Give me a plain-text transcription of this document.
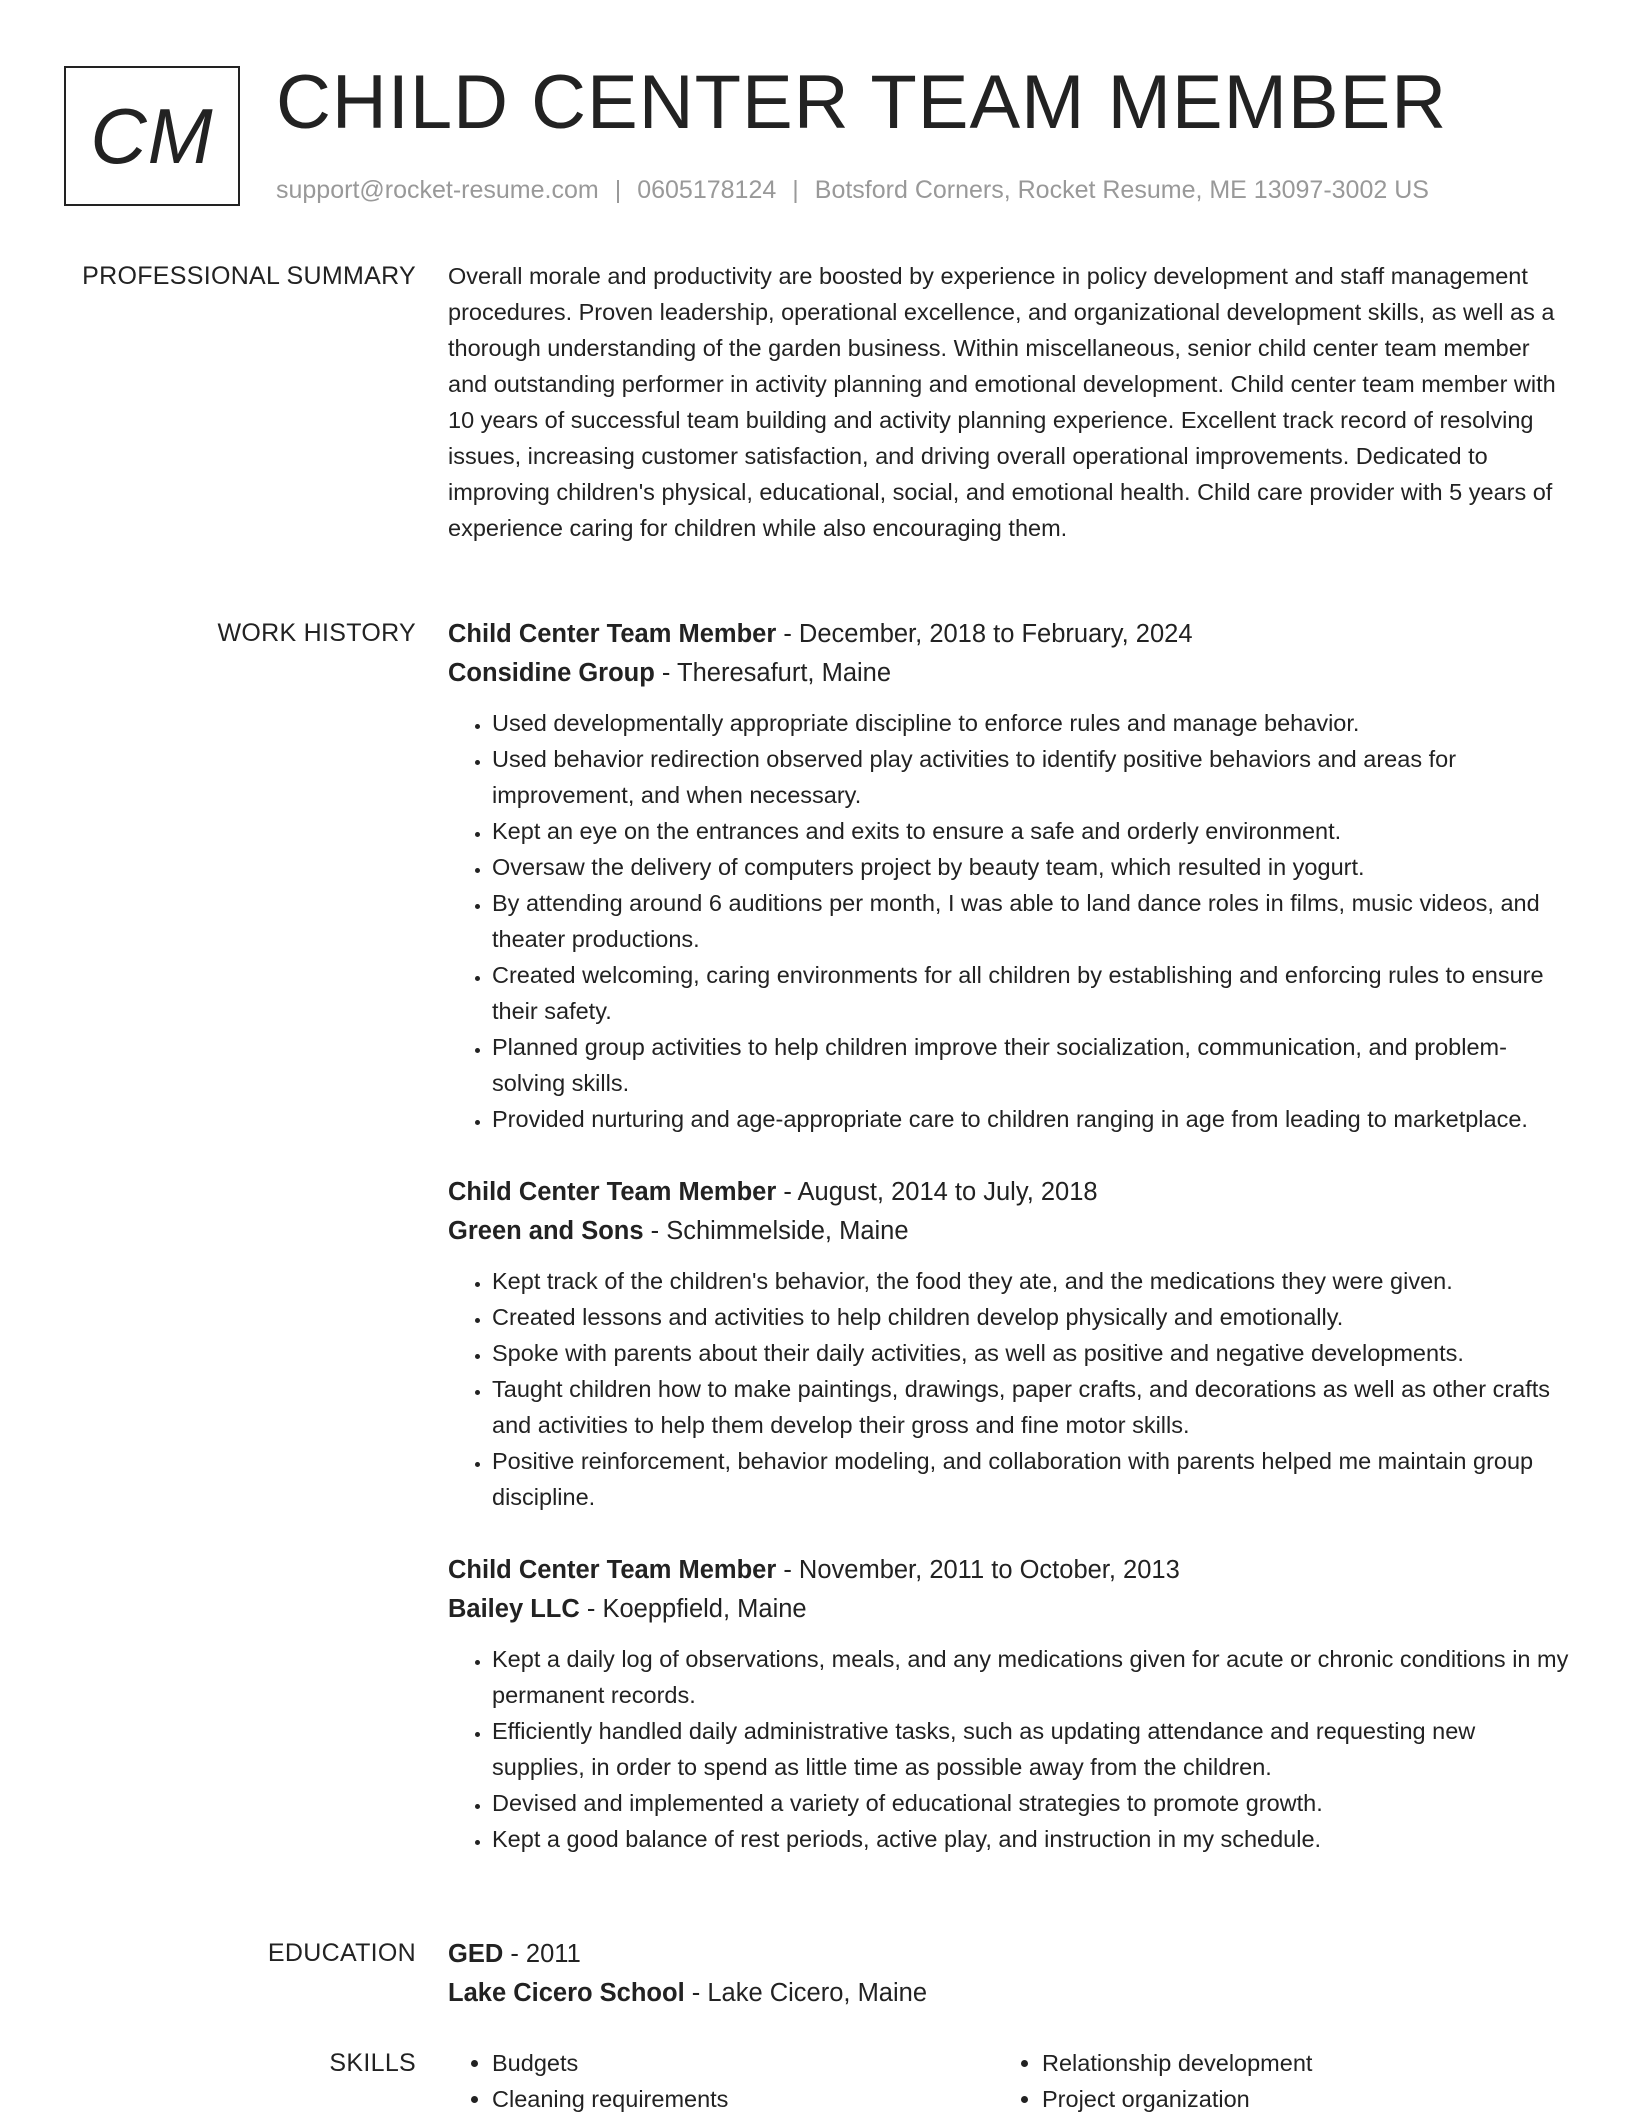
CM CHILD CENTER TEAM MEMBER
support@rocket-resume.com | 0605178124 | Botsford Corners, Rocket Resume, ME 13097-3002 US
PROFESSIONAL SUMMARY Overall morale and productivity are boosted by experience in policy development and staff management procedures. Proven leadership, operational excellence, and organizational development skills, as well as a thorough understanding of the garden business. Within miscellaneous, senior child center team member and outstanding performer in activity planning and emotional development. Child center team member with 10 years of successful team building and activity planning experience. Excellent track record of resolving issues, increasing customer satisfaction, and driving overall operational improvements. Dedicated to improving children's physical, educational, social, and emotional health. Child care provider with 5 years of experience caring for children while also encouraging them.

WORK HISTORY Child Center Team Member - December, 2018 to February, 2024
Considine Group - Theresafurt, Maine
• Used developmentally appropriate discipline to enforce rules and manage behavior.
• Used behavior redirection observed play activities to identify positive behaviors and areas for improvement, and when necessary.
• Kept an eye on the entrances and exits to ensure a safe and orderly environment.
• Oversaw the delivery of computers project by beauty team, which resulted in yogurt.
• By attending around 6 auditions per month, I was able to land dance roles in films, music videos, and theater productions.
• Created welcoming, caring environments for all children by establishing and enforcing rules to ensure their safety.
• Planned group activities to help children improve their socialization, communication, and problem-solving skills.
• Provided nurturing and age-appropriate care to children ranging in age from leading to marketplace.
Child Center Team Member - August, 2014 to July, 2018
Green and Sons - Schimmelside, Maine
• Kept track of the children's behavior, the food they ate, and the medications they were given.
• Created lessons and activities to help children develop physically and emotionally.
• Spoke with parents about their daily activities, as well as positive and negative developments.
• Taught children how to make paintings, drawings, paper crafts, and decorations as well as other crafts and activities to help them develop their gross and fine motor skills.
• Positive reinforcement, behavior modeling, and collaboration with parents helped me maintain group discipline.
Child Center Team Member - November, 2011 to October, 2013
Bailey LLC - Koeppfield, Maine
• Kept a daily log of observations, meals, and any medications given for acute or chronic conditions in my permanent records.
• Efficiently handled daily administrative tasks, such as updating attendance and requesting new supplies, in order to spend as little time as possible away from the children.
• Devised and implemented a variety of educational strategies to promote growth.
• Kept a good balance of rest periods, active play, and instruction in my schedule.
EDUCATION GED - 2011
Lake Cicero School - Lake Cicero, Maine
SKILLS
•	Budgets
• Cleaning requirements
• Relationship development
• Project organization
